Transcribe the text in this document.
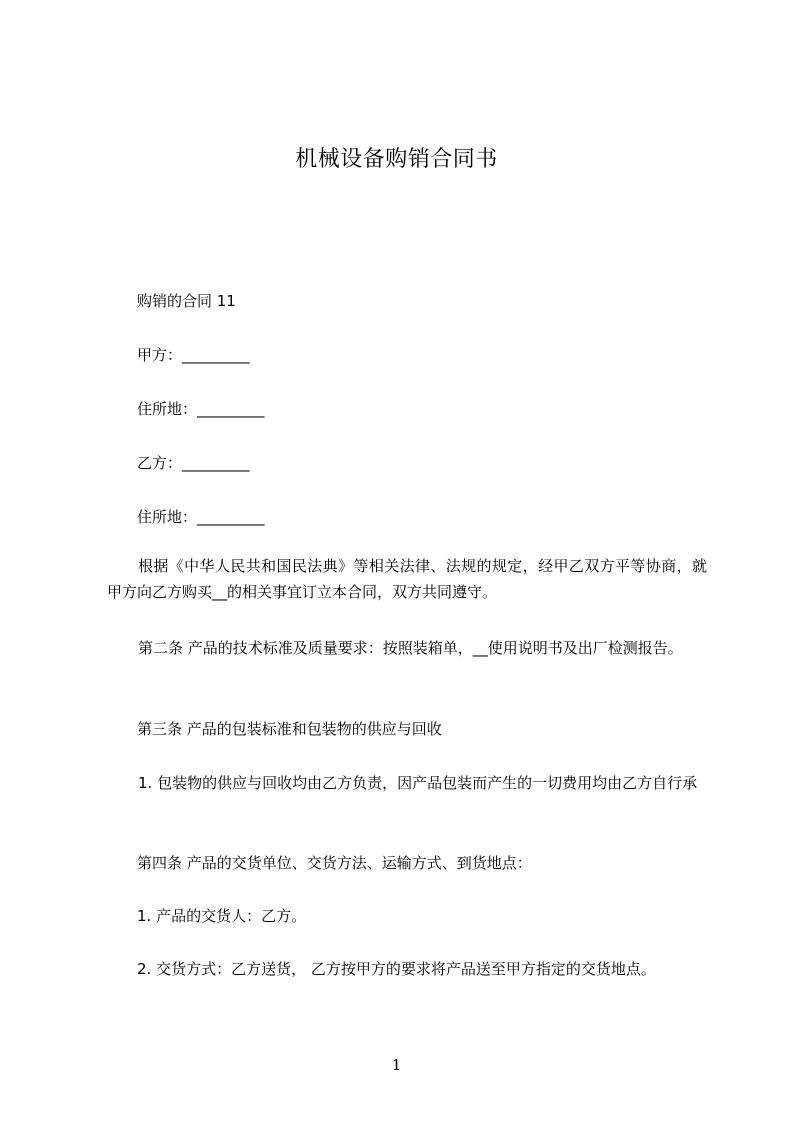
机械设备购销合同书
购销的合同 11
甲方：_________
住所地：_________
乙方：_________
住所地：_________
根据《中华人民共和国民法典》等相关法律、法规的规定，经甲乙双方平等协商，就甲方向乙方购买__的相关事宜订立本合同，双方共同遵守。
第二条 产品的技术标准及质量要求：按照装箱单，__使用说明书及出厂检测报告。
第三条 产品的包装标准和包装物的供应与回收
1. 包装物的供应与回收均由乙方负责，因产品包装而产生的一切费用均由乙方自行承
第四条 产品的交货单位、交货方法、运输方式、到货地点：
1. 产品的交货人：乙方。
2. 交货方式：乙方送货， 乙方按甲方的要求将产品送至甲方指定的交货地点。
1
